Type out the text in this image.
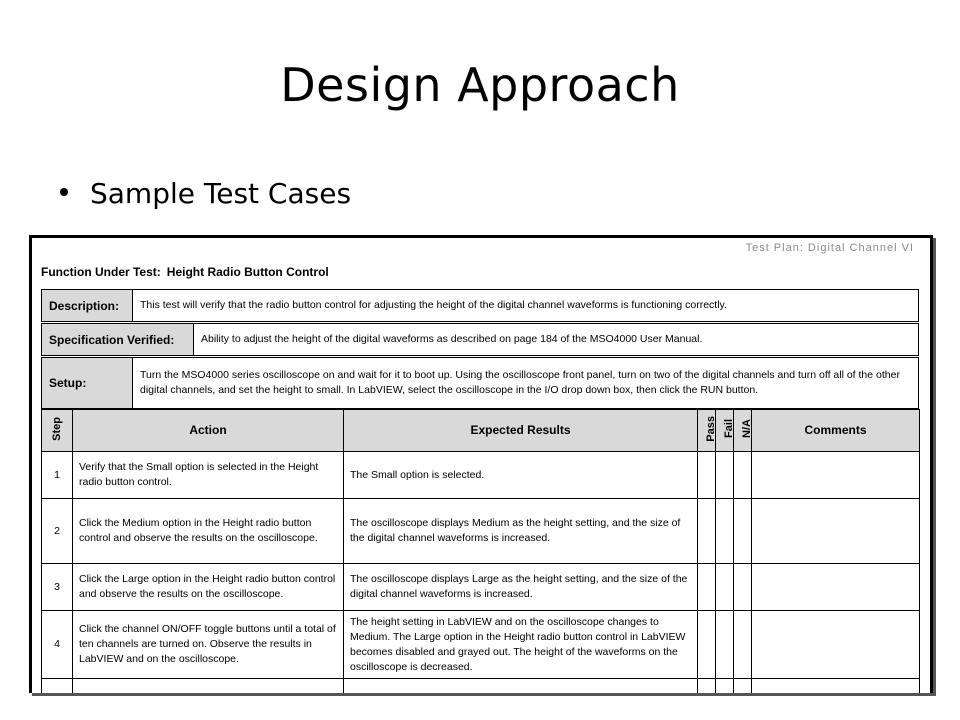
Design Approach
Sample Test Cases
Test Plan: Digital Channel VI
Function Under Test: Height Radio Button Control
Description:	This test will verify that the radio button control for adjusting the height of the digital channel waveforms is functioning correctly.
Specification Verified:	Ability to adjust the height of the digital waveforms as described on page 184 of the MSO4000 User Manual.
Setup:
Turn the MSO4000 series oscilloscope on and wait for it to boot up. Using the oscilloscope front panel, turn on two of the digital channels and turn off all of the other digital channels, and set the height to small. In LabVIEW, select the oscilloscope in the I/O drop down box, then click the RUN button.
Step	Action	Expected Results	Pass	Fail	N/A	Comments
1	Verify that the Small option is selected in the Height radio button control.	The Small option is selected.				
2	Click the Medium option in the Height radio button control and observe the results on the oscilloscope.	The oscilloscope displays Medium as the height setting, and the size of the digital channel waveforms is increased.				
3	Click the Large option in the Height radio button control and observe the results on the oscilloscope.	The oscilloscope displays Large as the height setting, and the size of the digital channel waveforms is increased.				
4	Click the channel ON/OFF toggle buttons until a total of ten channels are turned on. Observe the results in LabVIEW and on the oscilloscope.	The height setting in LabVIEW and on the oscilloscope changes to Medium. The Large option in the Height radio button control in LabVIEW becomes disabled and grayed out. The height of the waveforms on the oscilloscope is decreased.				
